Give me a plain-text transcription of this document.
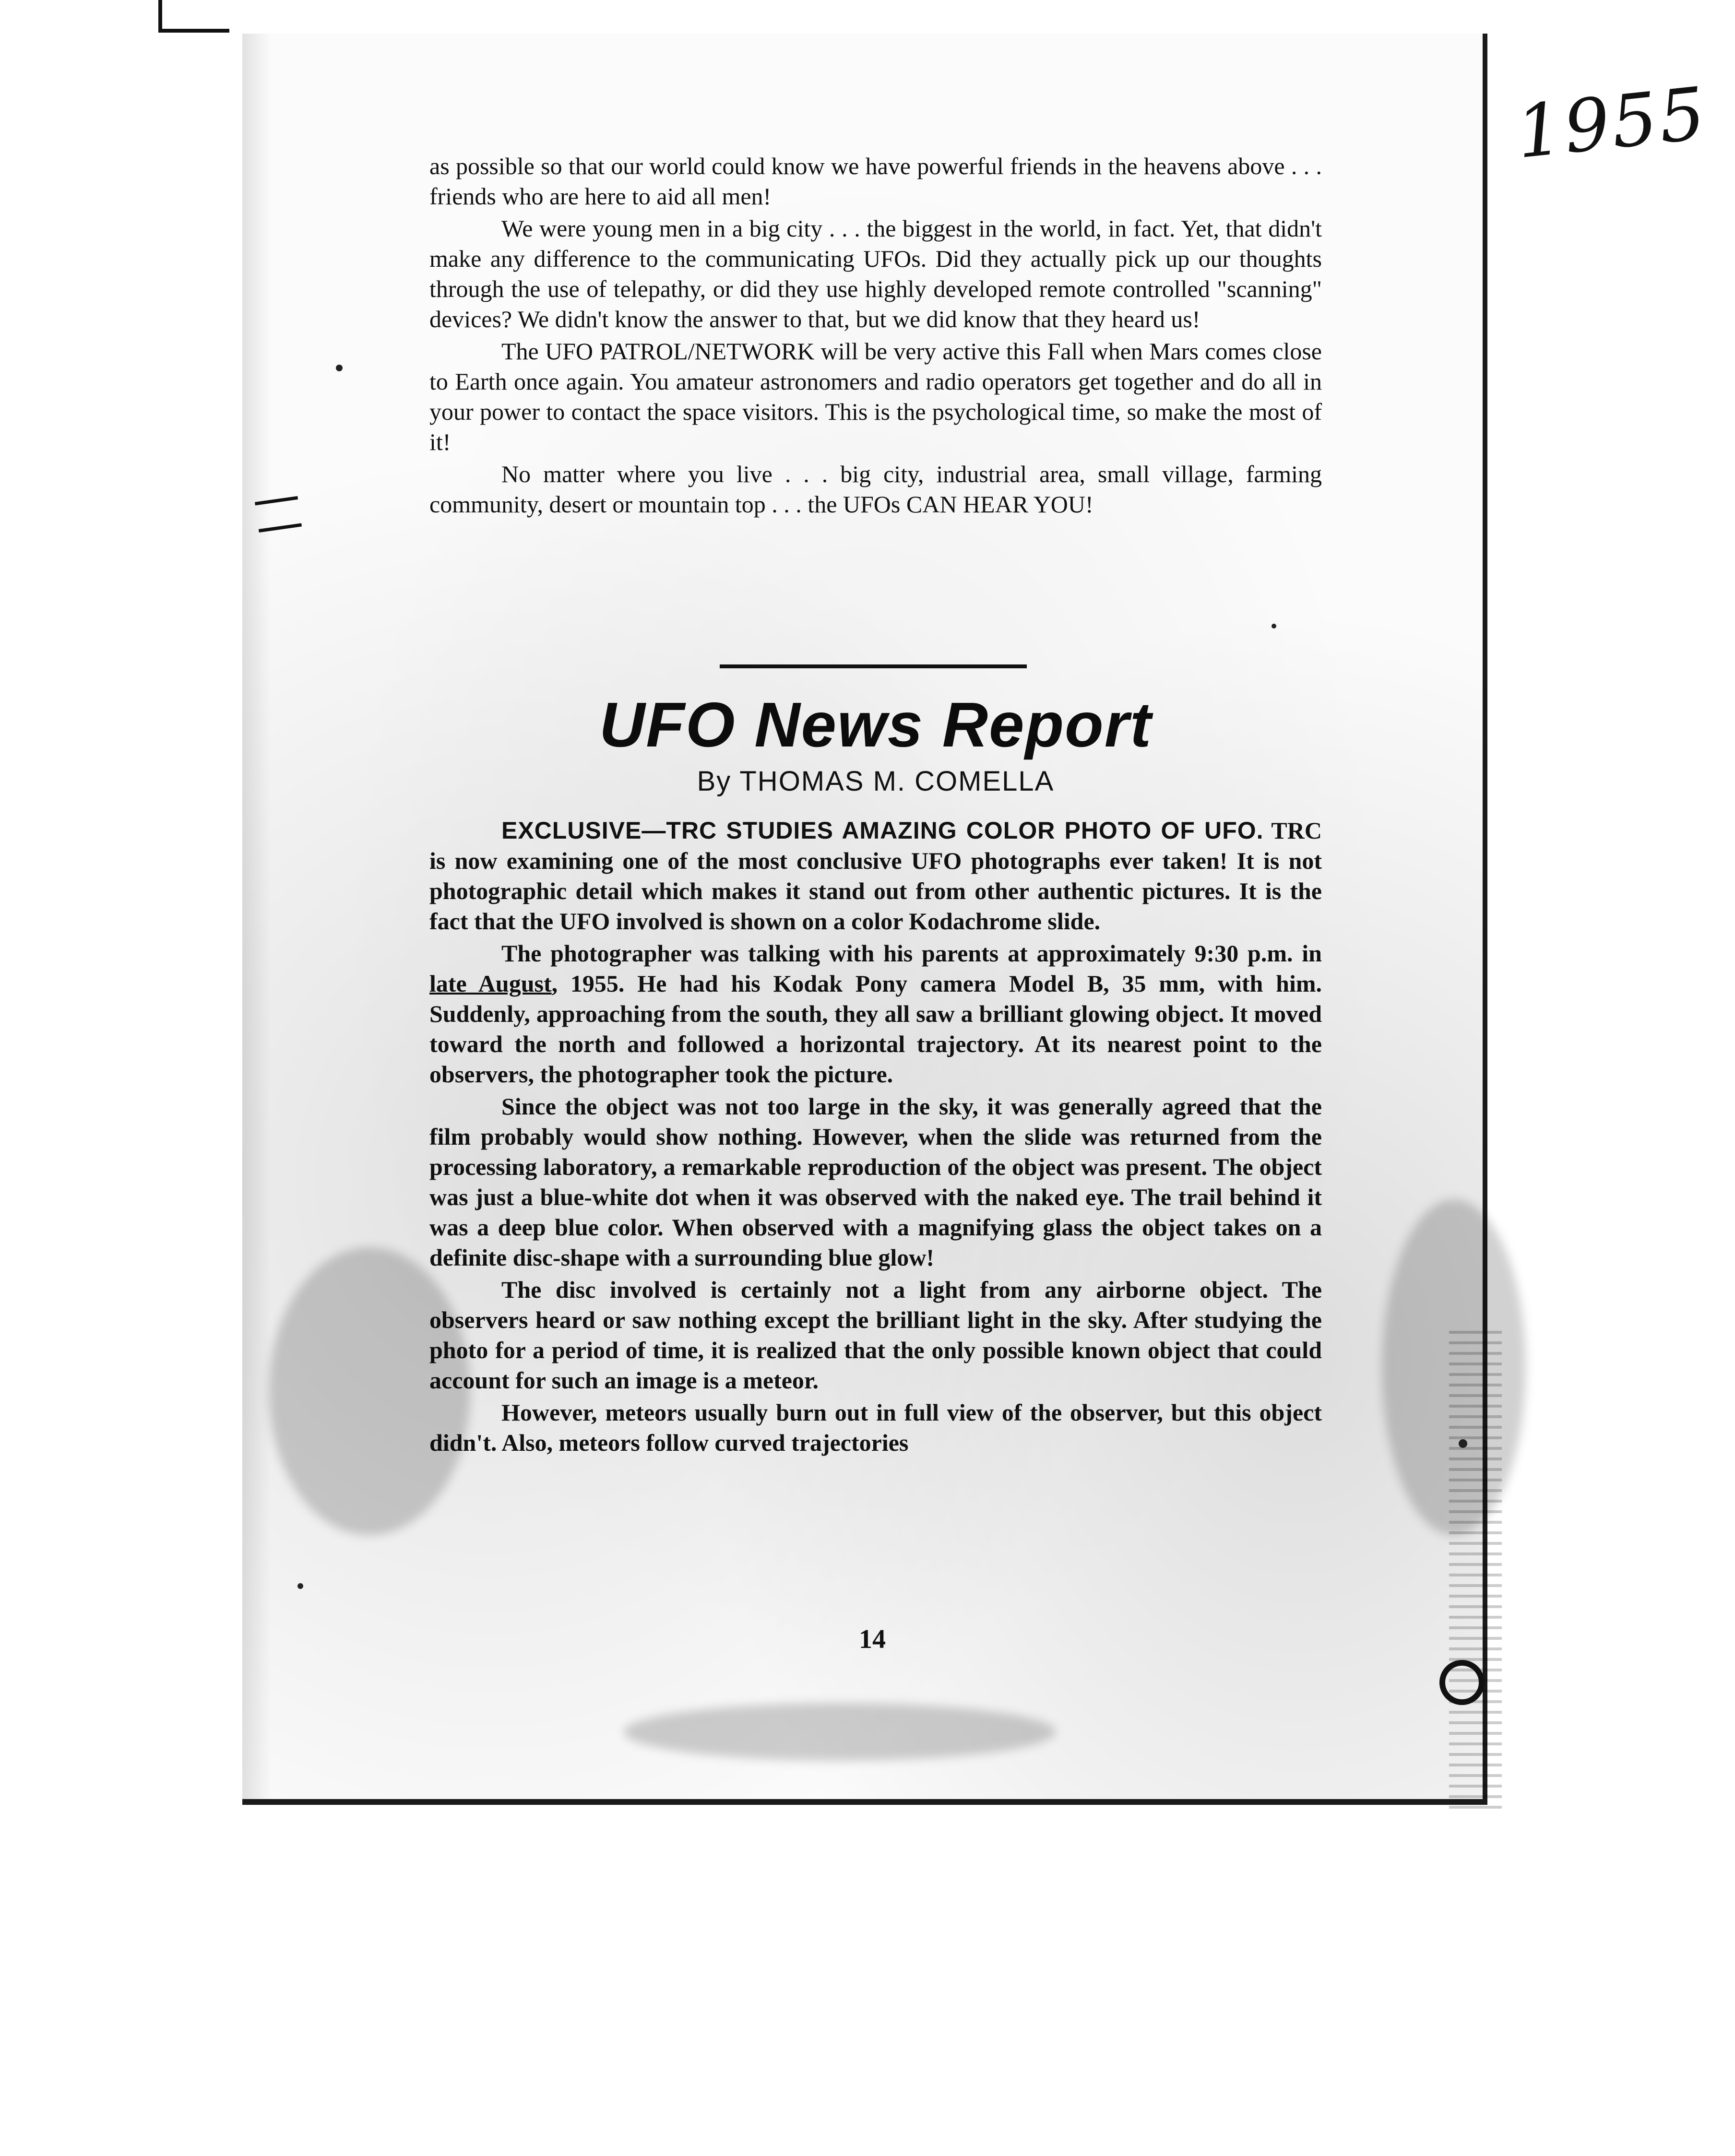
1955

as possible so that our world could know we have powerful friends in the heavens above . . . friends who are here to aid all men!

We were young men in a big city . . . the biggest in the world, in fact. Yet, that didn't make any difference to the communicating UFOs. Did they actually pick up our thoughts through the use of telepathy, or did they use highly developed remote controlled "scanning" devices? We didn't know the answer to that, but we did know that they heard us!

The UFO PATROL/NETWORK will be very active this Fall when Mars comes close to Earth once again. You amateur astronomers and radio operators get together and do all in your power to contact the space visitors. This is the psychological time, so make the most of it!

No matter where you live . . . big city, industrial area, small village, farming community, desert or mountain top . . . the UFOs CAN HEAR YOU!

UFO News Report
By THOMAS M. COMELLA

EXCLUSIVE—TRC STUDIES AMAZING COLOR PHOTO OF UFO. TRC is now examining one of the most conclusive UFO photographs ever taken! It is not photographic detail which makes it stand out from other authentic pictures. It is the fact that the UFO involved is shown on a color Kodachrome slide.

The photographer was talking with his parents at approximately 9:30 p.m. in late August, 1955. He had his Kodak Pony camera Model B, 35 mm, with him. Suddenly, approaching from the south, they all saw a brilliant glowing object. It moved toward the north and followed a horizontal trajectory. At its nearest point to the observers, the photographer took the picture.

Since the object was not too large in the sky, it was generally agreed that the film probably would show nothing. However, when the slide was returned from the processing laboratory, a remarkable reproduction of the object was present. The object was just a blue-white dot when it was observed with the naked eye. The trail behind it was a deep blue color. When observed with a magnifying glass the object takes on a definite disc-shape with a surrounding blue glow!

The disc involved is certainly not a light from any airborne object. The observers heard or saw nothing except the brilliant light in the sky. After studying the photo for a period of time, it is realized that the only possible known object that could account for such an image is a meteor.

However, meteors usually burn out in full view of the observer, but this object didn't. Also, meteors follow curved trajectories

14
